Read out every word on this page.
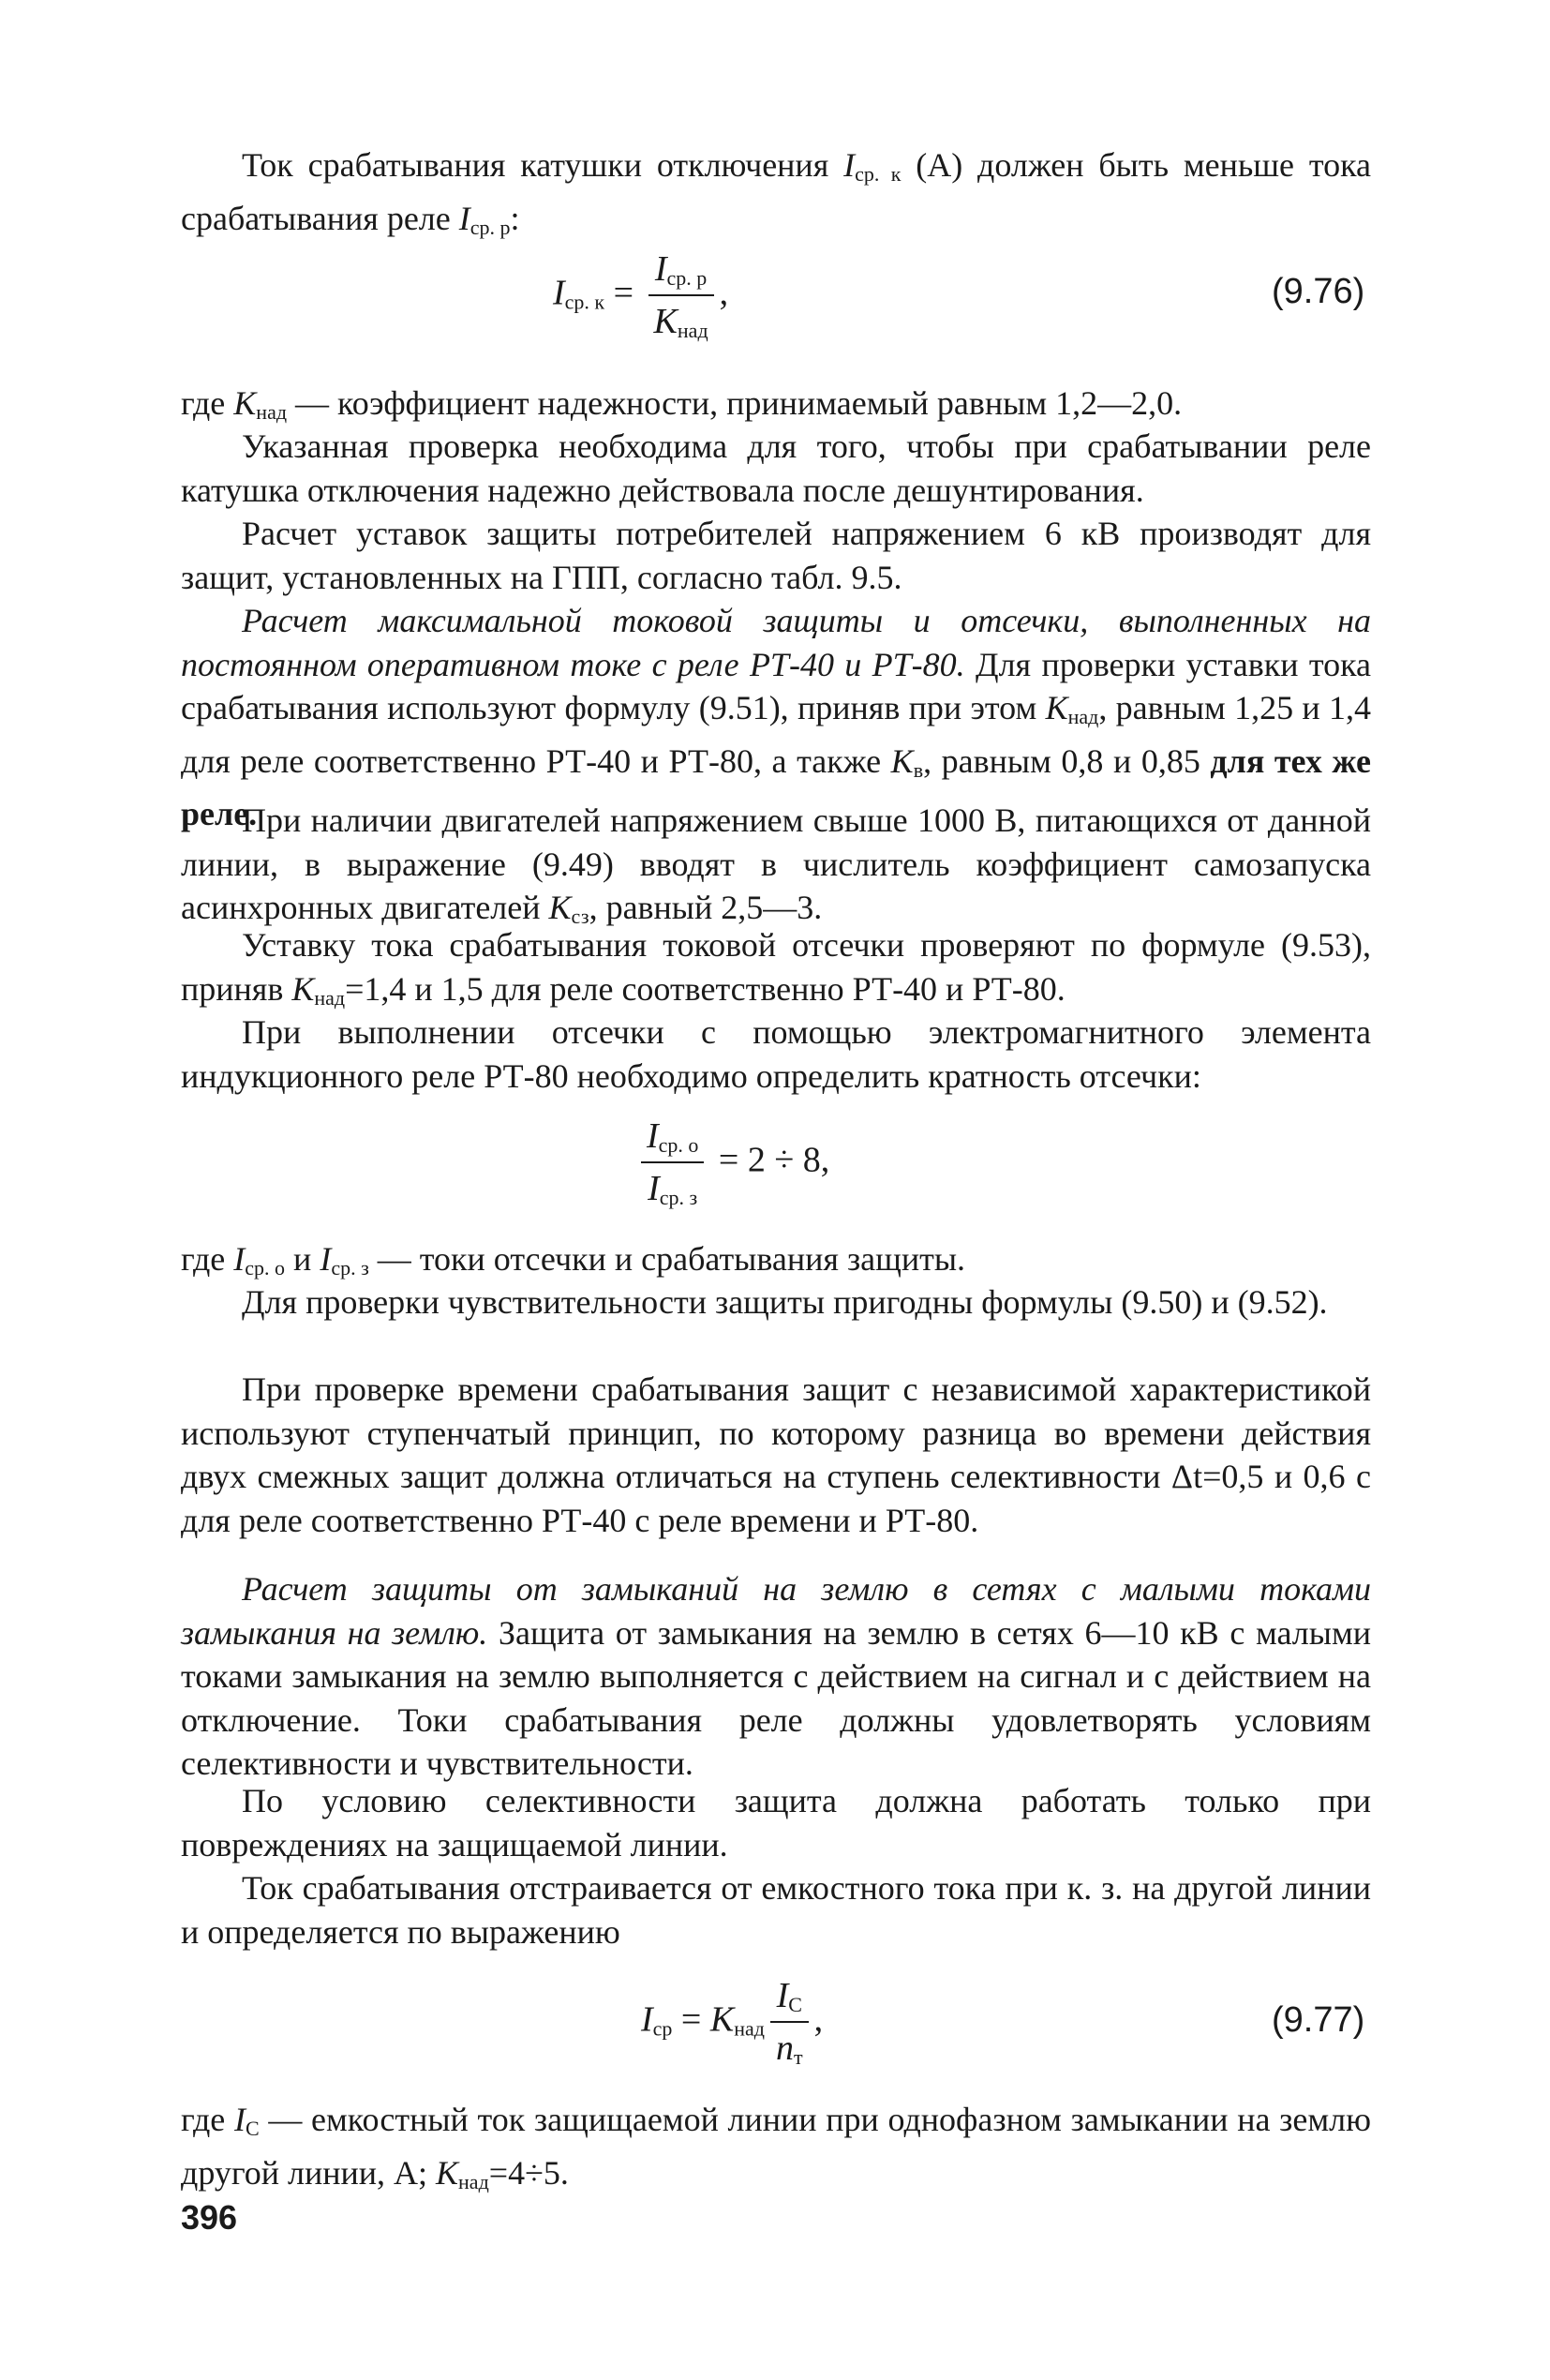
Ток срабатывания катушки отключения $I_{ср. к}$ (А) должен быть меньше тока срабатывания реле $I_{ср. р}$:

$I_{ср. к} = \frac{I_{ср. р}}{K_{над}}$ ,	(9.76)

где $K_{над}$ — коэффициент надежности, принимаемый равным 1,2—2,0.

Указанная проверка необходима для того, чтобы при срабатывании реле катушка отключения надежно действовала после дешунтирования.

Расчет уставок защиты потребителей напряжением 6 кВ производят для защит, установленных на ГПП, согласно табл. 9.5.

Расчет максимальной токовой защиты и отсечки, выполненных на постоянном оперативном токе с реле РТ-40 и РТ-80. Для проверки уставки тока срабатывания используют формулу (9.51), приняв при этом $K_{над}$, равным 1,25 и 1,4 для реле соответственно РТ-40 и РТ-80, а также $K_в$, равным 0,8 и 0,85 для тех же реле.

При наличии двигателей напряжением свыше 1000 В, питающихся от данной линии, в выражение (9.49) вводят в числитель коэффициент самозапуска асинхронных двигателей $K_{сз}$, равный 2,5—3.

Уставку тока срабатывания токовой отсечки проверяют по формуле (9.53), приняв $K_{над}=1,4$ и 1,5 для реле соответственно РТ-40 и РТ-80.

При выполнении отсечки с помощью электромагнитного элемента индукционного реле РТ-80 необходимо определить кратность отсечки:

$\frac{I_{ср. о}}{I_{ср. з}} = 2 \div 8$,

где $I_{ср. о}$ и $I_{ср. з}$ — токи отсечки и срабатывания защиты.

Для проверки чувствительности защиты пригодны формулы (9.50) и (9.52).

При проверке времени срабатывания защит с независимой характеристикой используют ступенчатый принцип, по которому разница во времени действия двух смежных защит должна отличаться на ступень селективности Δt=0,5 и 0,6 с для реле соответственно РТ-40 с реле времени и РТ-80.

Расчет защиты от замыканий на землю в сетях с малыми токами замыкания на землю. Защита от замыкания на землю в сетях 6—10 кВ с малыми токами замыкания на землю выполняется с действием на сигнал и с действием на отключение. Токи срабатывания реле должны удовлетворять условиям селективности и чувствительности.

По условию селективности защита должна работать только при повреждениях на защищаемой линии.

Ток срабатывания отстраивается от емкостного тока при к. з. на другой линии и определяется по выражению

$I_{ср} = K_{над} \frac{I_C}{n_т}$ ,	(9.77)

где $I_C$ — емкостный ток защищаемой линии при однофазном замыкании на землю другой линии, А; $K_{над}=4\div 5$.

396
